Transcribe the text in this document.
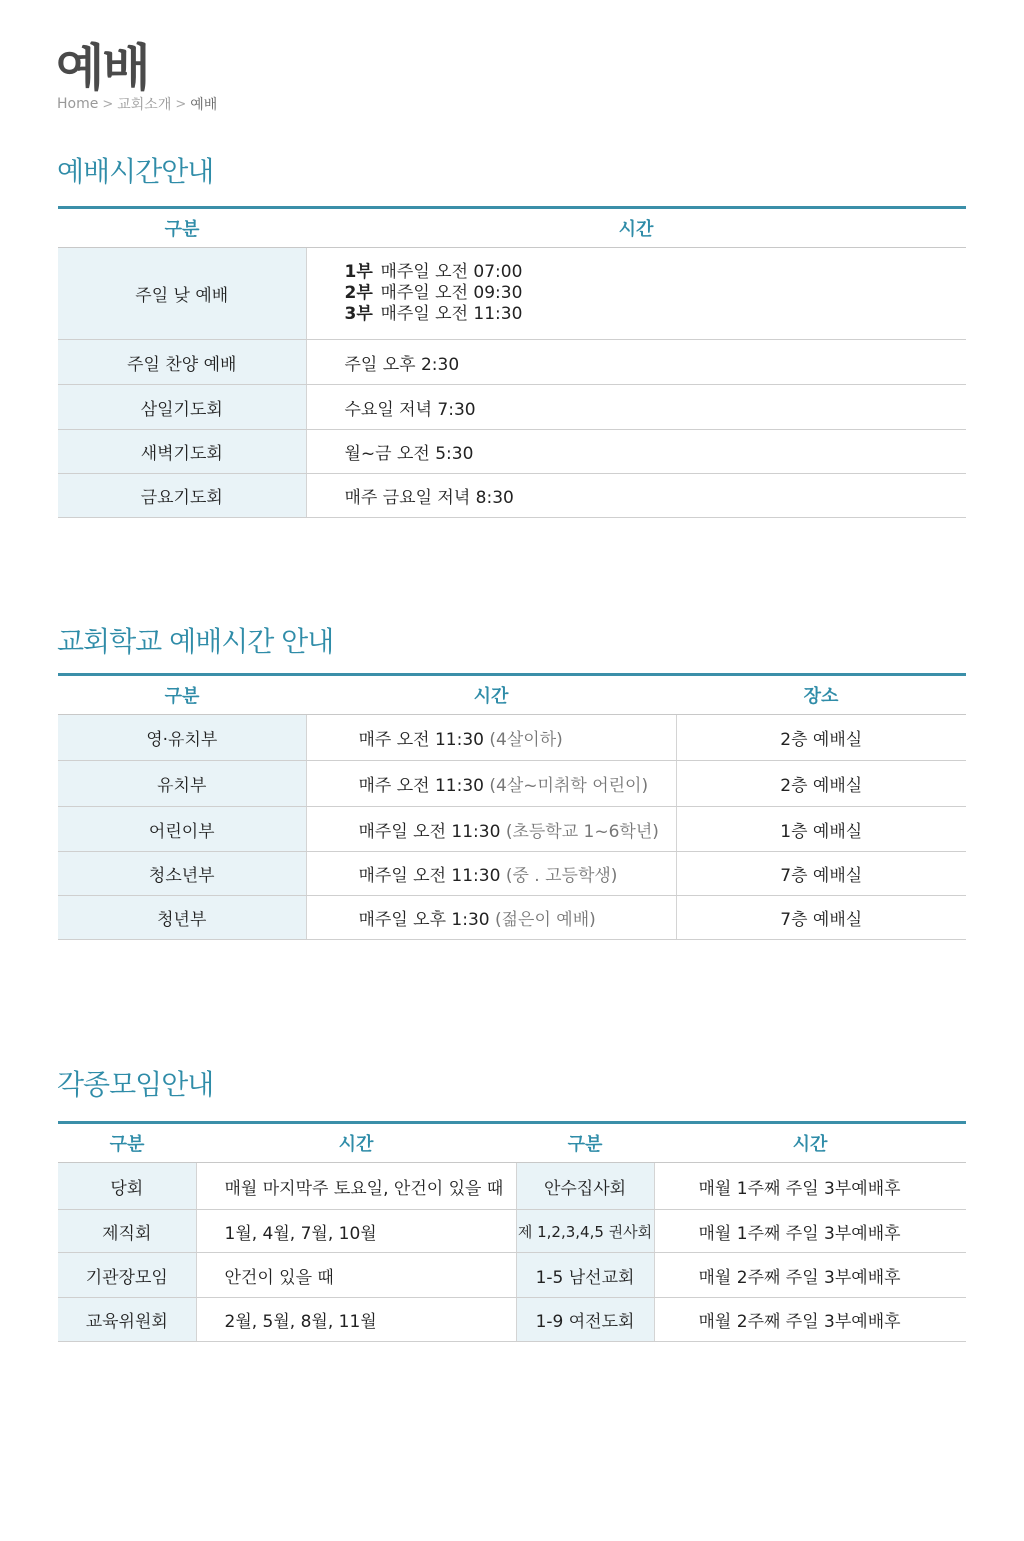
예배
Home > 교회소개 > 예배
예배시간안내
구분	시간
주일 낮 예배	1부 매주일 오전 07:00
2부 매주일 오전 09:30
3부 매주일 오전 11:30

주일 찬양 예배	주일 오후 2:30
삼일기도회	수요일 저녁 7:30
새벽기도회	월~금 오전 5:30
금요기도회	매주 금요일 저녁 8:30
교회학교 예배시간 안내
구분	시간	장소
영·유치부	매주 오전 11:30 (4살이하)	2층 예배실
유치부	매주 오전 11:30 (4살~미취학 어린이)	2층 예배실
어린이부	매주일 오전 11:30 (초등학교 1~6학년)	1층 예배실
청소년부	매주일 오전 11:30 (중 . 고등학생)	7층 예배실
청년부	매주일 오후 1:30 (젊은이 예배)	7층 예배실
각종모임안내
구분	시간	구분	시간
당회	매월 마지막주 토요일, 안건이 있을 때	안수집사회	매월 1주째 주일 3부예배후
제직회	1월, 4월, 7월, 10월	제 1,2,3,4,5 권사회	매월 1주째 주일 3부예배후
기관장모임	안건이 있을 때	1-5 남선교회	매월 2주째 주일 3부예배후
교육위원회	2월, 5월, 8월, 11월	1-9 여전도회	매월 2주째 주일 3부예배후
